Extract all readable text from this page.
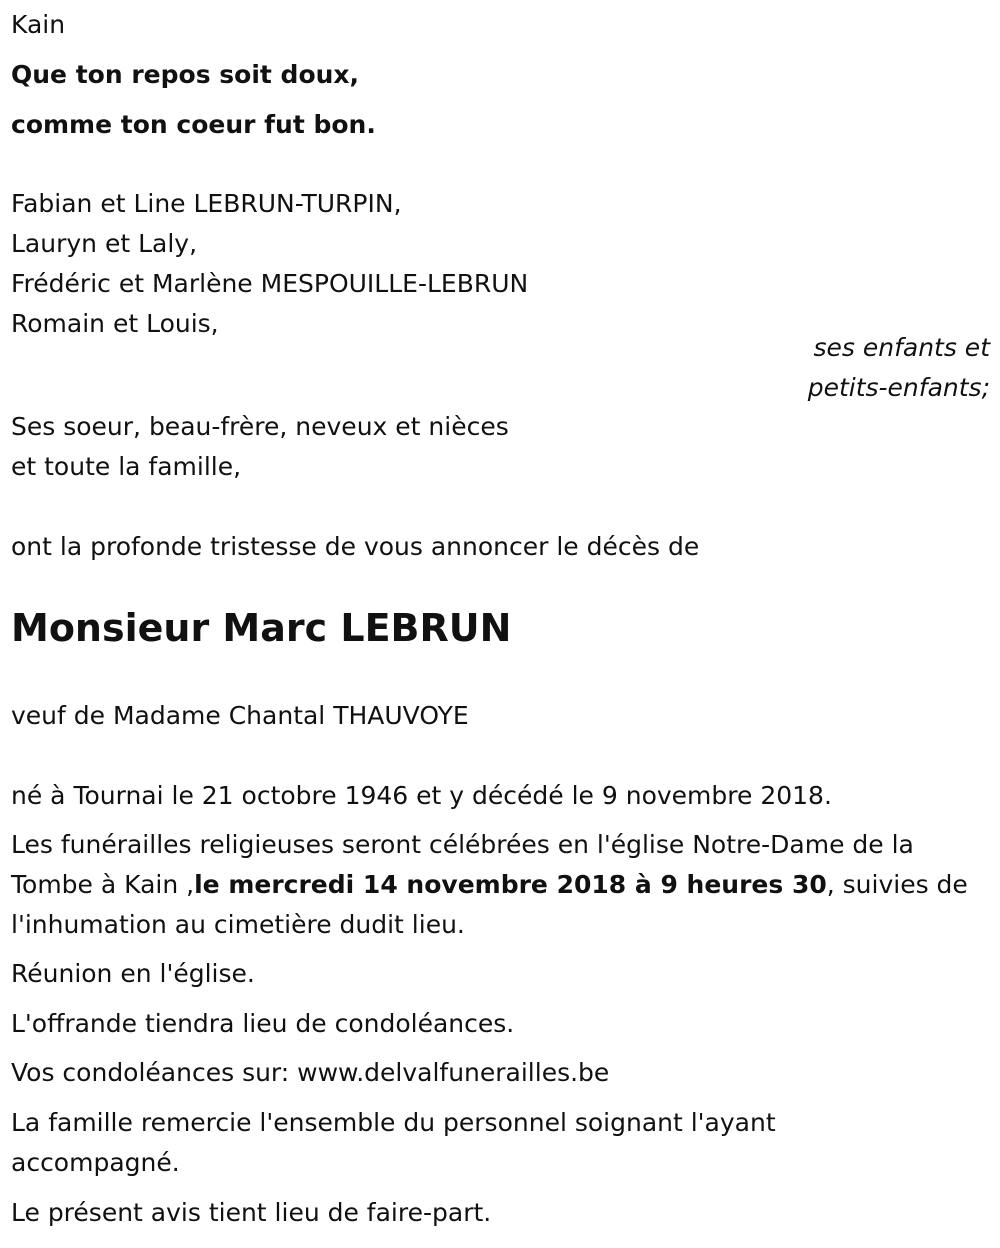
Kain
Que ton repos soit doux,
comme ton coeur fut bon.
Fabian et Line LEBRUN-TURPIN,
Lauryn et Laly,
Frédéric et Marlène MESPOUILLE-LEBRUN
Romain et Louis,
ses enfants et
petits-enfants;
Ses soeur, beau-frère, neveux et nièces
et toute la famille,
ont la profonde tristesse de vous annoncer le décès de
Monsieur Marc LEBRUN
veuf de Madame Chantal THAUVOYE
né à Tournai le 21 octobre 1946 et y décédé le 9 novembre 2018.
Les funérailles religieuses seront célébrées en l'église Notre-Dame de la Tombe à Kain ,le mercredi 14 novembre 2018 à 9 heures 30, suivies de l'inhumation au cimetière dudit lieu.
Réunion en l'église.
L'offrande tiendra lieu de condoléances.
Vos condoléances sur: www.delvalfunerailles.be
La famille remercie l'ensemble du personnel soignant l'ayant accompagné.
Le présent avis tient lieu de faire-part.
